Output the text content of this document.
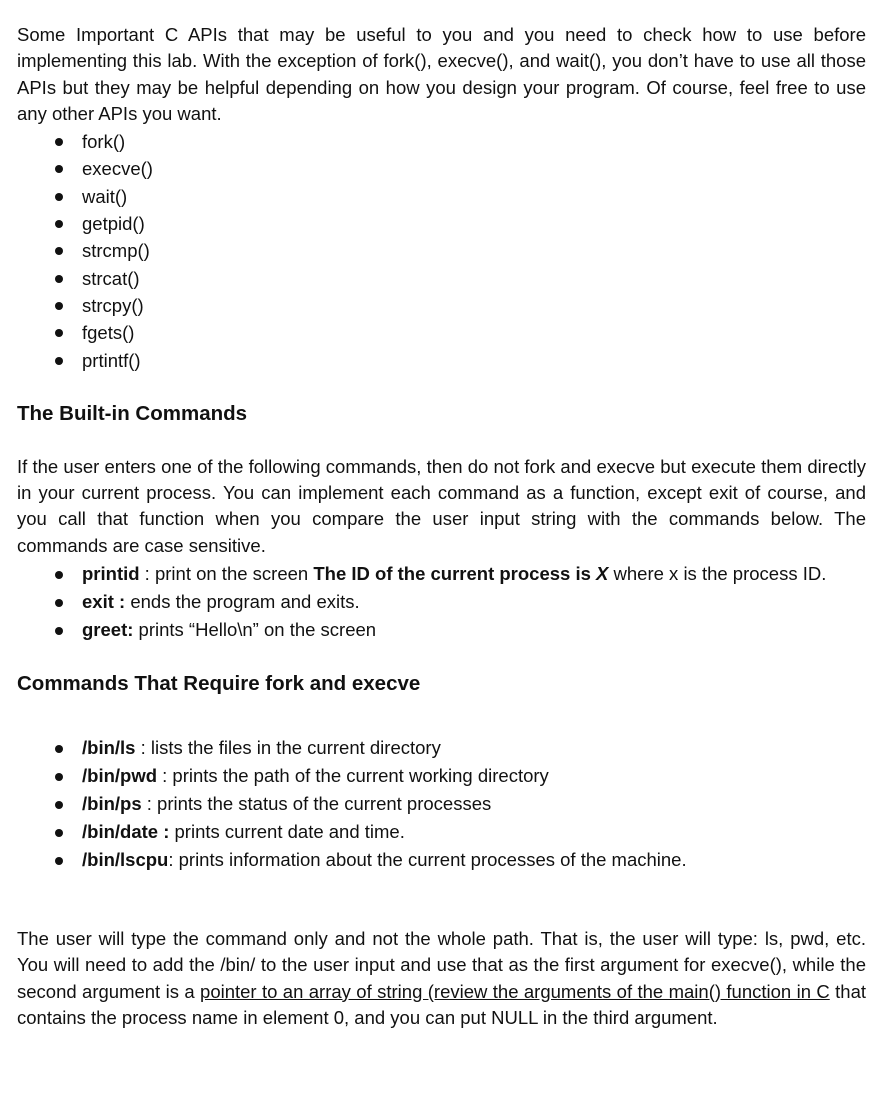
Some Important C APIs that may be useful to you and you need to check how to use before implementing this lab. With the exception of fork(), execve(), and wait(), you don’t have to use all those APIs but they may be helpful depending on how you design your program. Of course, feel free to use any other APIs you want.

fork()
execve()
wait()
getpid()
strcmp()
strcat()
strcpy()
fgets()
prtintf()
The Built-in Commands

If the user enters one of the following commands, then do not fork and execve but execute them directly in your current process. You can implement each command as a function, except exit of course, and you call that function when you compare the user input string with the commands below. The commands are case sensitive.

printid : print on the screen The ID of the current process is X where x is the process ID.
exit : ends the program and exits.
greet: prints “Hello\n” on the screen
Commands That Require fork and execve
/bin/ls : lists the files in the current directory
/bin/pwd : prints the path of the current working directory
/bin/ps : prints the status of the current processes
/bin/date : prints current date and time.
/bin/lscpu: prints information about the current processes of the machine.

The user will type the command only and not the whole path. That is, the user will type: ls, pwd, etc. You will need to add the /bin/ to the user input and use that as the first argument for execve(), while the second argument is a pointer to an array of string (review the arguments of the main() function in C that contains the process name in element 0, and you can put NULL in the third argument.
